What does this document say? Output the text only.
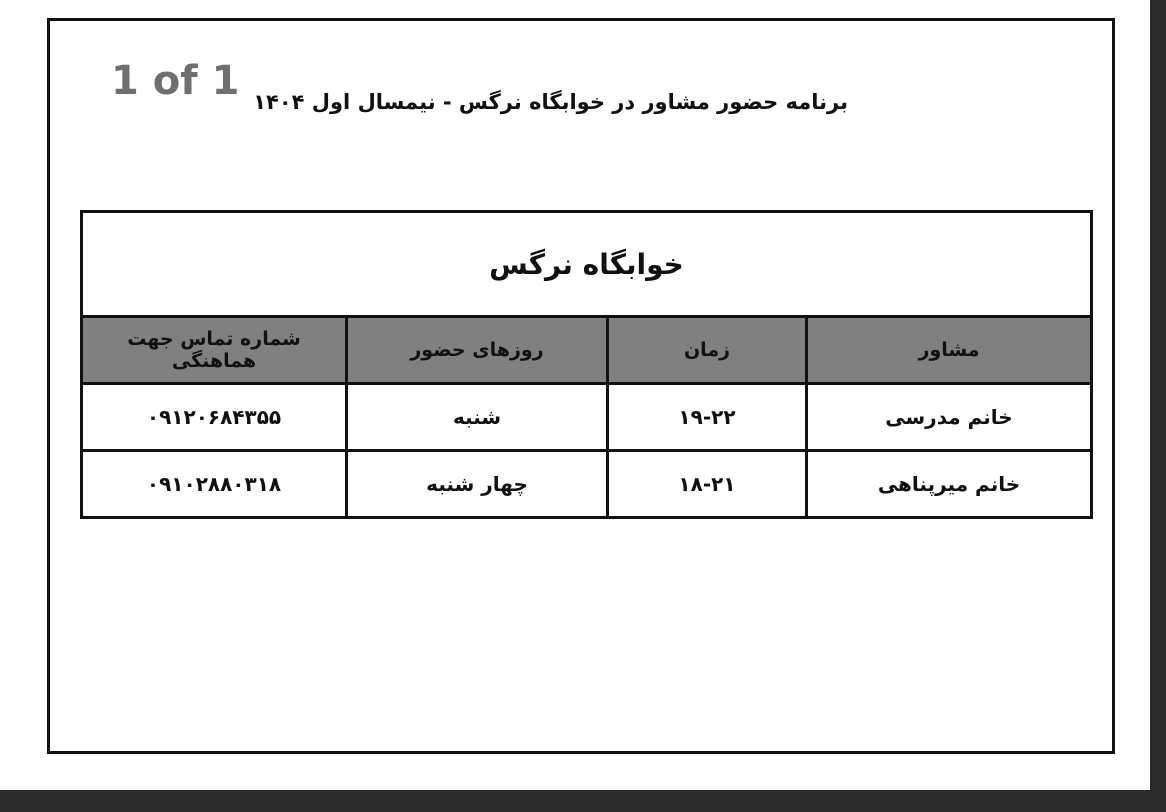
1 of 1 برنامه حضور مشاور در خوابگاه نرگس - نیمسال اول ۱۴۰۴
خوابگاه نرگس			
مشاور	زمان	روزهای حضور	شماره تماس جهت هماهنگی
خانم مدرسی	۱۹-۲۲	شنبه	۰۹۱۲۰۶۸۴۳۵۵
خانم میرپناهی	۱۸-۲۱	چهار شنبه	۰۹۱۰۲۸۸۰۳۱۸
